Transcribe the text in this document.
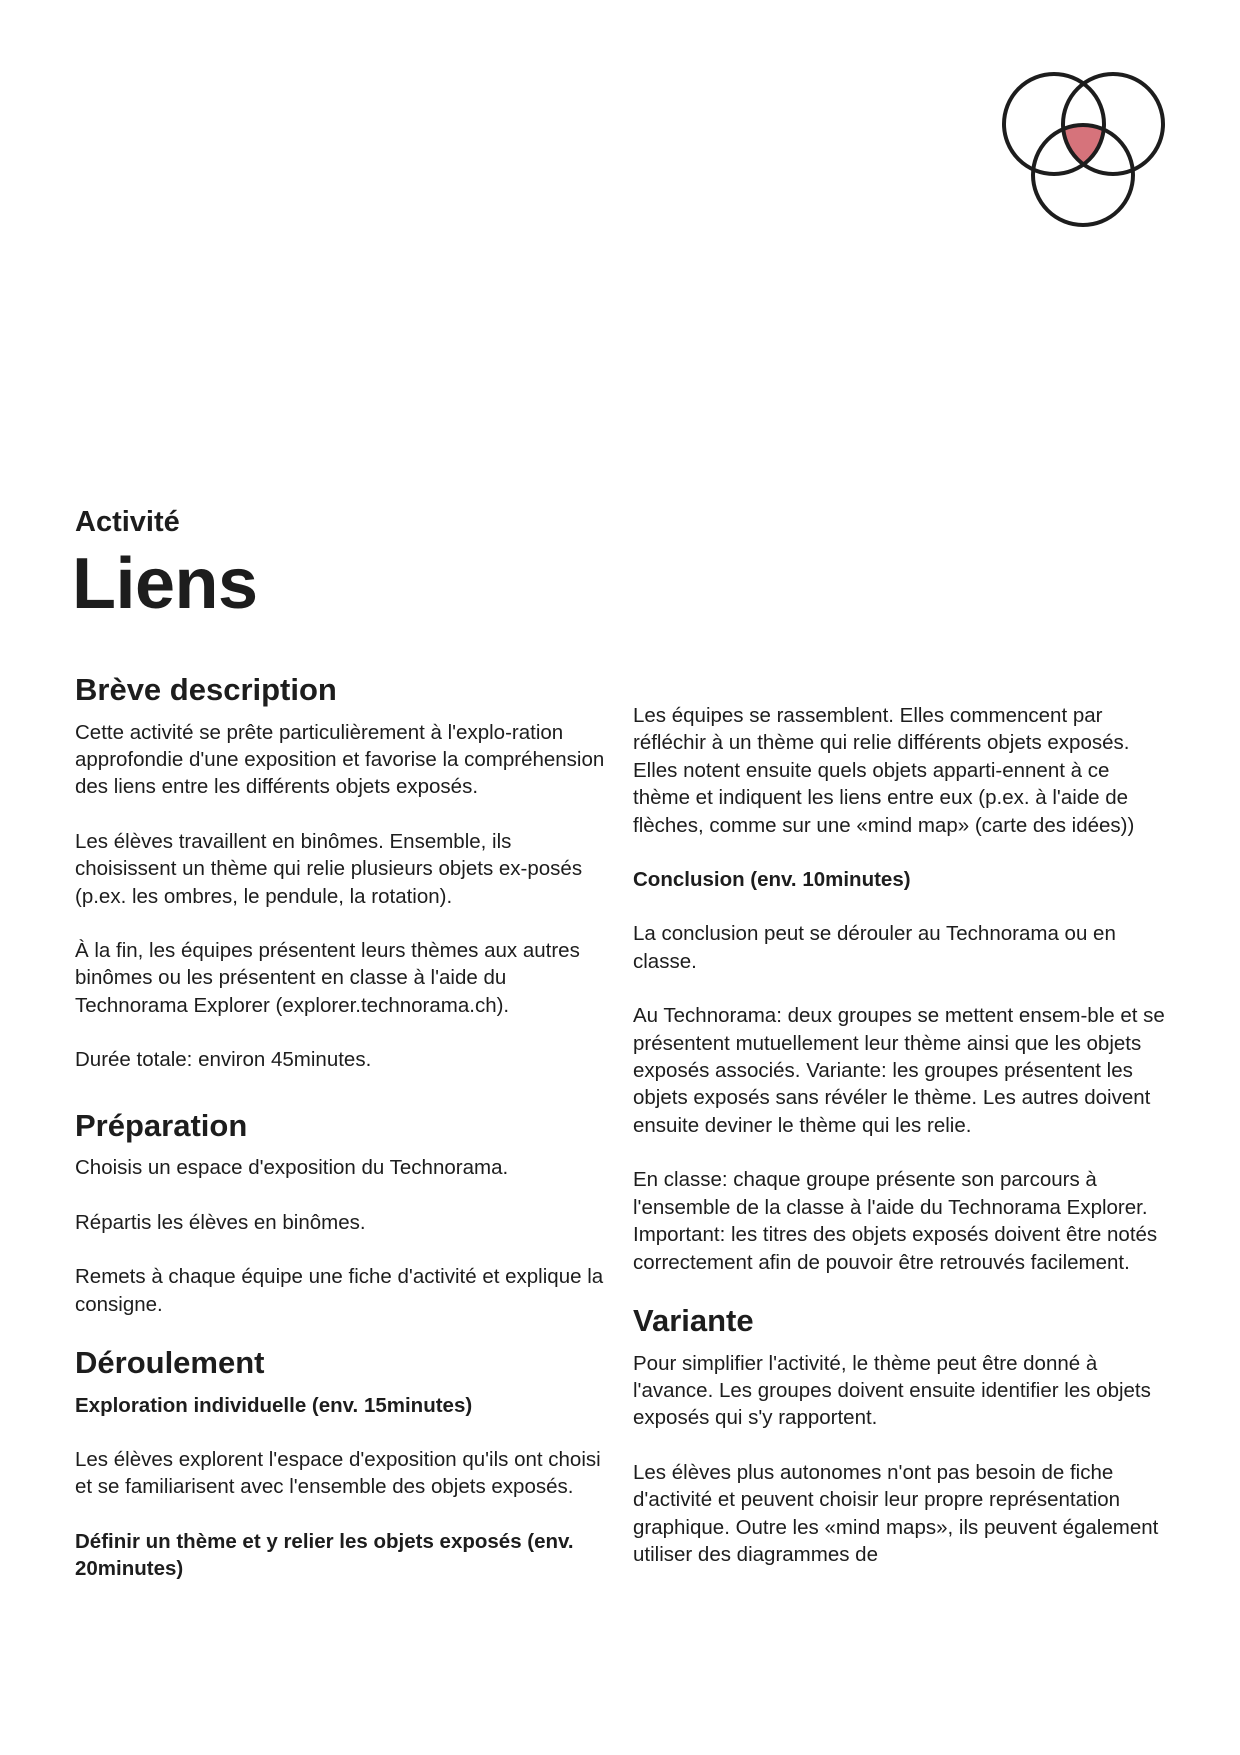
Activité
Liens
Brève description

Cette activité se prête particulièrement à l'explo-ration approfondie d'une exposition et favorise la compréhension des liens entre les différents objets exposés.

Les élèves travaillent en binômes. Ensemble, ils choisissent un thème qui relie plusieurs objets ex-posés (p.ex. les ombres, le pendule, la rotation).

À la fin, les équipes présentent leurs thèmes aux autres binômes ou les présentent en classe à l'aide du Technorama Explorer (explorer.technorama.ch).

Durée totale: environ 45minutes.

Préparation

Choisis un espace d'exposition du Technorama.

Répartis les élèves en binômes.

Remets à chaque équipe une fiche d'activité et explique la consigne.

Déroulement

Exploration individuelle (env. 15minutes)

Les élèves explorent l'espace d'exposition qu'ils ont choisi et se familiarisent avec l'ensemble des objets exposés.

Définir un thème et y relier les objets exposés (env. 20minutes)

Les équipes se rassemblent. Elles commencent par réfléchir à un thème qui relie différents objets exposés. Elles notent ensuite quels objets apparti-ennent à ce thème et indiquent les liens entre eux (p.ex. à l'aide de flèches, comme sur une «mind map» (carte des idées))

Conclusion (env. 10minutes)

La conclusion peut se dérouler au Technorama ou en classe.

Au Technorama: deux groupes se mettent ensem-ble et se présentent mutuellement leur thème ainsi que les objets exposés associés. Variante: les groupes présentent les objets exposés sans révéler le thème. Les autres doivent ensuite deviner le thème qui les relie.

En classe: chaque groupe présente son parcours à l'ensemble de la classe à l'aide du Technorama Explorer. Important: les titres des objets exposés doivent être notés correctement afin de pouvoir être retrouvés facilement.

Variante

Pour simplifier l'activité, le thème peut être donné à l'avance. Les groupes doivent ensuite identifier les objets exposés qui s'y rapportent.

Les élèves plus autonomes n'ont pas besoin de fiche d'activité et peuvent choisir leur propre représentation graphique. Outre les «mind maps», ils peuvent également utiliser des diagrammes de
